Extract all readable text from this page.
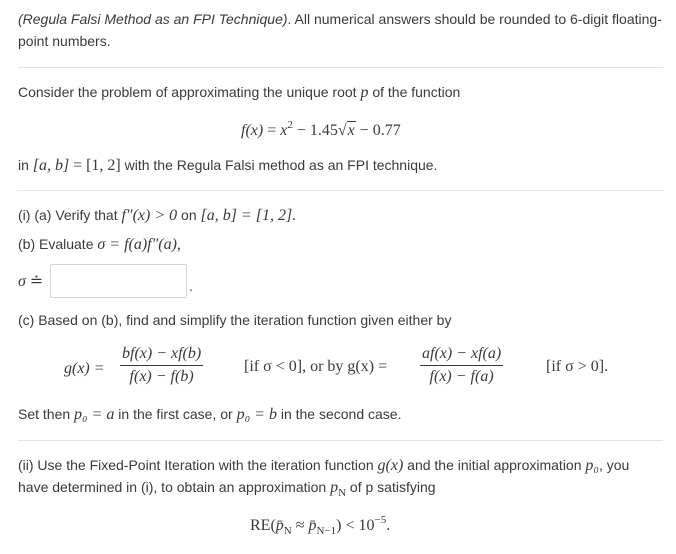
(Regula Falsi Method as an FPI Technique). All numerical answers should be rounded to 6-digit floating-
point numbers.
Consider the problem of approximating the unique root p of the function
$f(x) = x^2 - 1.45√x - 0.77$
in [a, b] = [1, 2] with the Regula Falsi method as an FPI technique.
(i) (a) Verify that f″(x) > 0 on [a, b] = [1, 2].
(b) Evaluate σ = f(a)f″(a),
σ ≐	.
(c) Based on (b), find and simplify the iteration function given either by
g(x) =
bf(x) − xf(b)
f(x) − f(b)
[if σ < 0], or by g(x) =
af(x) − xf(a)
f(x) − f(a)
[if σ > 0].
Set then p₀ = a in the first case, or p₀ = b in the second case.
(ii) Use the Fixed-Point Iteration with the iteration function g(x) and the initial approximation p₀, you
have determined in (i), to obtain an approximation $p_N$ of p satisfying
$RE(p̄_N$ ≈ $p̄_{N-1}) < 10^{-5}$.
